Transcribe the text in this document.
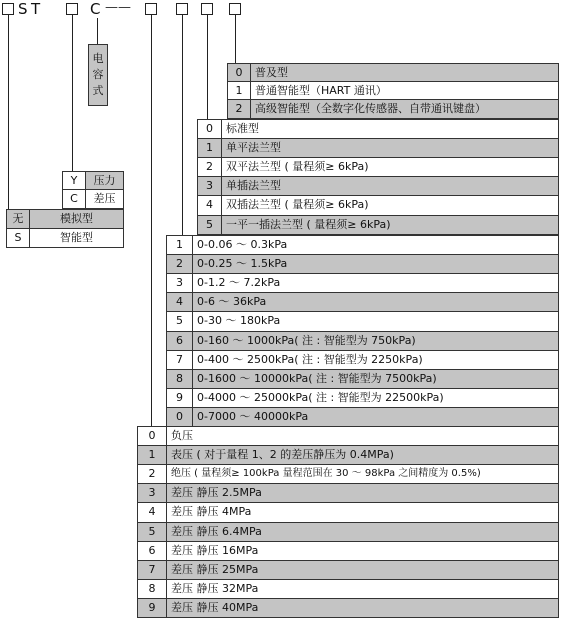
S T	C ——
电
容
式
0	普及型
1	普通智能型（HART 通讯）
2	高级智能型（全数字化传感器、自带通讯键盘）
0	标准型
1	单平法兰型
2	双平法兰型 ( 量程须≥ 6kPa)
3	单插法兰型
4	双插法兰型 ( 量程须≥ 6kPa)
5	一平一插法兰型 ( 量程须≥ 6kPa)
Y	压力
C	差压
无	模拟型
S	智能型
1	0-0.06 ～ 0.3kPa
2	0-0.25 ～ 1.5kPa
3	0-1.2 ～ 7.2kPa
4	0-6 ～ 36kPa
5	0-30 ～ 180kPa
6	0-160 ～ 1000kPa( 注 : 智能型为 750kPa)
7	0-400 ～ 2500kPa( 注 : 智能型为 2250kPa)
8	0-1600 ～ 10000kPa( 注 : 智能型为 7500kPa)
9	0-4000 ～ 25000kPa( 注 : 智能型为 22500kPa)
0	0-7000 ～ 40000kPa
0	负压
1	表压 ( 对于量程 1、2 的差压静压为 0.4MPa)
2	绝压 ( 量程须≥ 100kPa 量程范围在 30 ～ 98kPa 之间精度为 0.5%)
3	差压 静压 2.5MPa
4	差压 静压 4MPa
5	差压 静压 6.4MPa
6	差压 静压 16MPa
7	差压 静压 25MPa
8	差压 静压 32MPa
9	差压 静压 40MPa
